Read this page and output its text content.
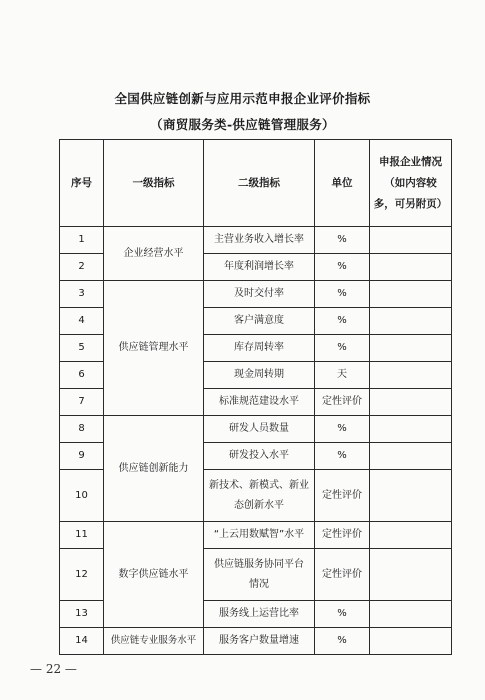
全国供应链创新与应用示范申报企业评价指标
（商贸服务类-供应链管理服务）
序号	一级指标	二级指标	单位	申报企业情况
（如内容较
多，可另附页）

1	企业经营水平	主营业务收入增长率	%	
2		年度利润增长率	%	
3	供应链管理水平	及时交付率	%	
4		客户满意度	%	
5		库存周转率	%	
6		现金周转期	天	
7		标准规范建设水平	定性评价	
8	供应链创新能力	研发人员数量	%	
9		研发投入水平	%	
10		新技术、新模式、新业
态创新水平	定性评价	
11	数字供应链水平	“上云用数赋智”水平	定性评价	
12		供应链服务协同平台
情况	定性评价	
13		服务线上运营比率	%	
14	供应链专业服务水平	服务客户数量增速	%	
— 22 —
